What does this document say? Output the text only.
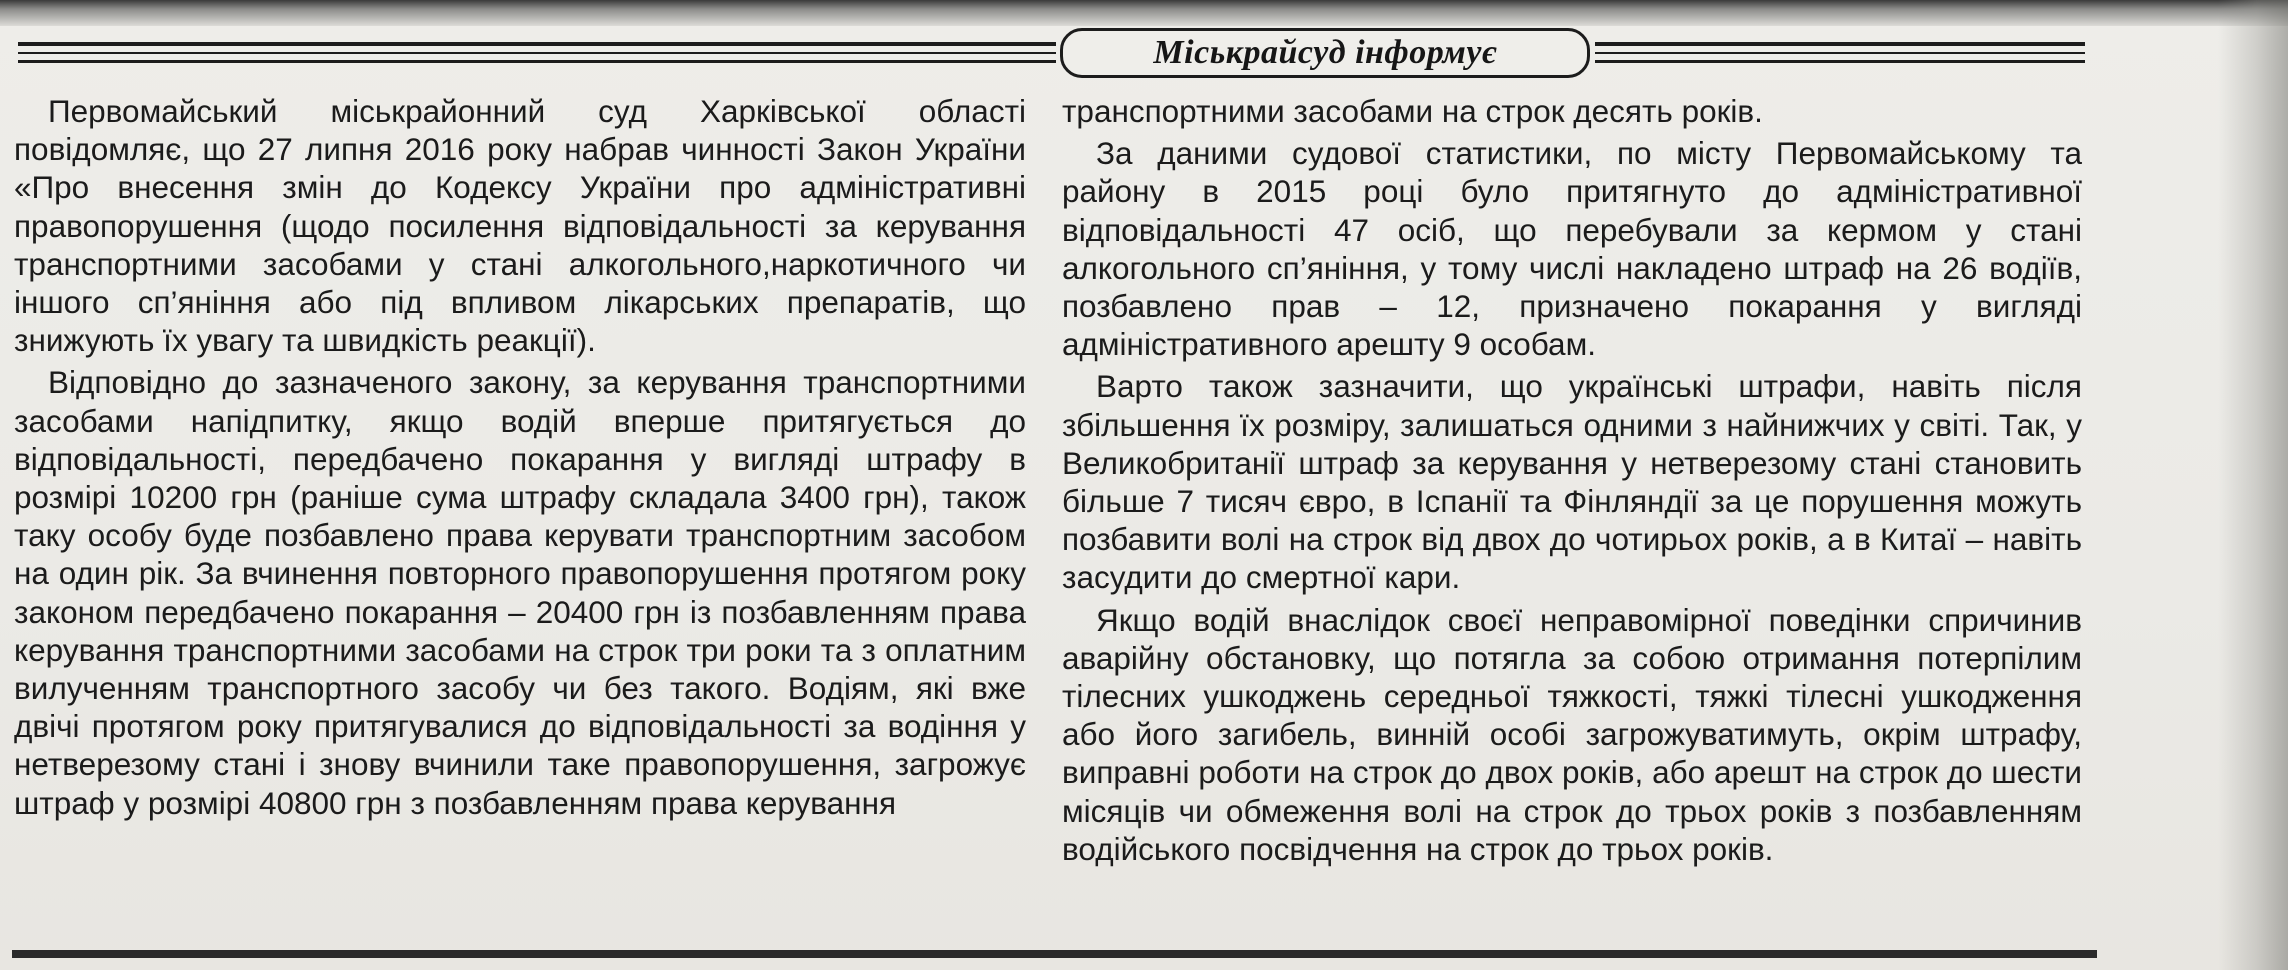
Міськрайсуд інформує

Первомайський міськрайонний суд Харківської області повідомляє, що 27 липня 2016 року набрав чинності Закон України «Про внесення змін до Кодексу України про адміністративні правопорушення (щодо посилення відповідальності за керування транспортними засобами у стані алкогольного,наркотичного чи іншого сп’яніння або під впливом лікарських препаратів, що знижують їх увагу та швидкість реакції).

Відповідно до зазначеного закону, за керування транспортними засобами напідпитку, якщо водій вперше притягується до відповідальності, передбачено покарання у вигляді штрафу в розмірі 10200 грн (раніше сума штрафу складала 3400 грн), також таку особу буде позбавлено права керувати транспортним засобом на один рік. За вчинення повторного правопорушення протягом року законом передбачено покарання – 20400 грн із позбавленням права керування транспортними засобами на строк три роки та з оплатним вилученням транспортного засобу чи без такого. Водіям, які вже двічі протягом року притягувалися до відповідальності за водіння у нетверезому стані і знову вчинили таке правопорушення, загрожує штраф у розмірі 40800 грн з позбавленням права керування

транспортними засобами на строк десять років.

За даними судової статистики, по місту Первомайському та району в 2015 році було притягнуто до адміністративної відповідальності 47 осіб, що перебували за кермом у стані алкогольного сп’яніння, у тому числі накладено штраф на 26 водіїв, позбавлено прав – 12, призначено покарання у вигляді адміністративного арешту 9 особам.

Варто також зазначити, що українські штрафи, навіть після збільшення їх розміру, залишаться одними з найнижчих у світі. Так, у Великобританії штраф за керування у нетверезому стані становить більше 7 тисяч євро, в Іспанії та Фінляндії за це порушення можуть позбавити волі на строк від двох до чотирьох років, а в Китаї – навіть засудити до смертної кари.

Якщо водій внаслідок своєї неправомірної поведінки спричинив аварійну обстановку, що потягла за собою отримання потерпілим тілесних ушкоджень середньої тяжкості, тяжкі тілесні ушкодження або його загибель, винній особі загрожуватимуть, окрім штрафу, виправні роботи на строк до двох років, або арешт на строк до шести місяців чи обмеження волі на строк до трьох років з позбавленням водійського посвідчення на строк до трьох років.
